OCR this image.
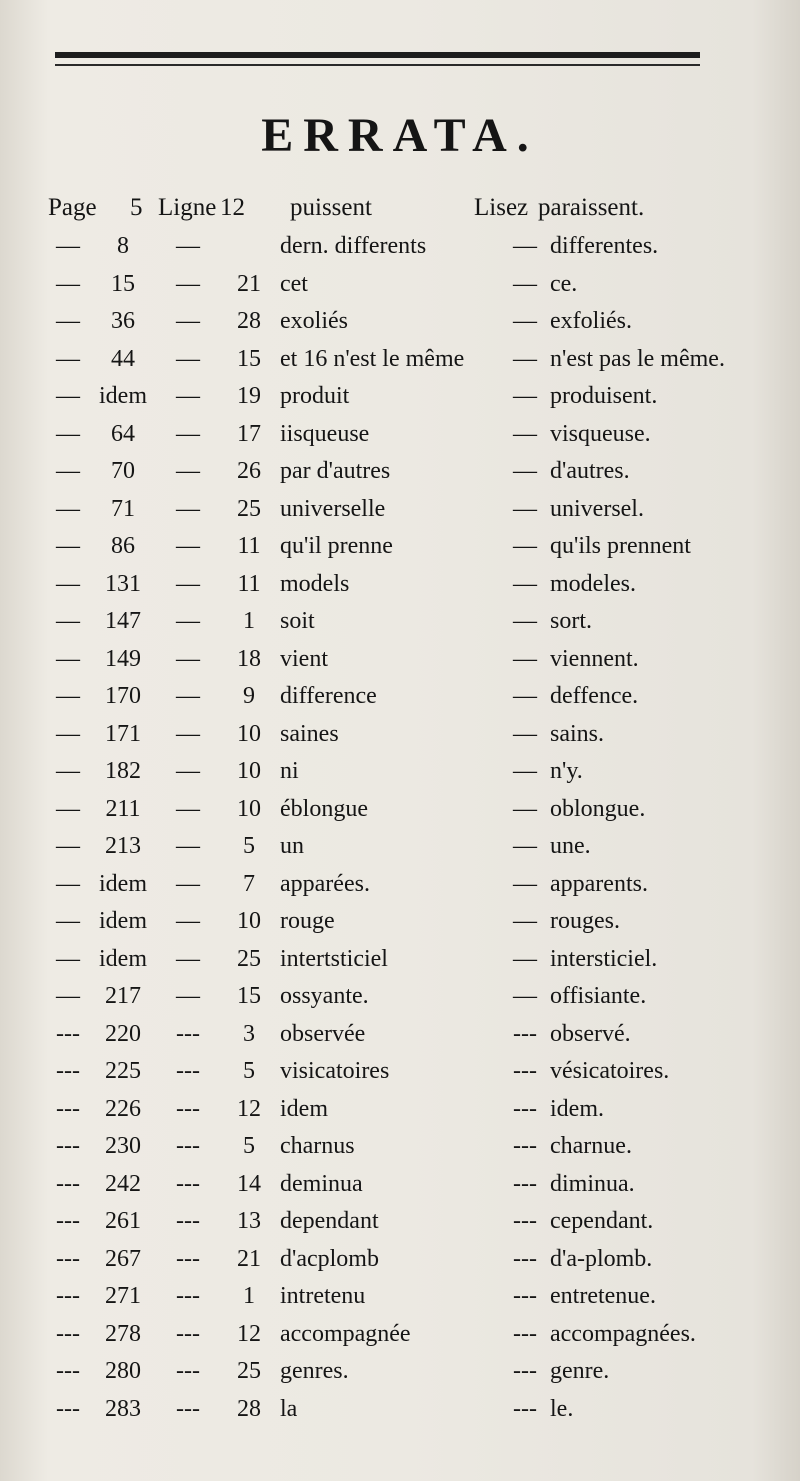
ERRATA.
Page 5 Ligne 12 puissent	Lisez paraissent.
—	8	—		dern. differents	—	differentes.
—	15	—	21	cet	—	ce.
—	36	—	28	exoliés	—	exfoliés.
—	44	—	15	et 16 n'est le même	—	n'est pas le même.
—	idem	—	19	produit	—	produisent.
—	64	—	17	iisqueuse	—	visqueuse.
—	70	—	26	par d'autres	—	d'autres.
—	71	—	25	universelle	—	universel.
—	86	—	11	qu'il prenne	—	qu'ils prennent
—	131	—	11	models	—	modeles.
—	147	—	1	soit	—	sort.
—	149	—	18	vient	—	viennent.
—	170	—	9	difference	—	deffence.
—	171	—	10	saines	—	sains.
—	182	—	10	ni	—	n'y.
—	211	—	10	éblongue	—	oblongue.
—	213	—	5	un	—	une.
—	idem	—	7	apparées.	—	apparents.
—	idem	—	10	rouge	—	rouges.
—	idem	—	25	intertsticiel	—	intersticiel.
—	217	—	15	ossyante.	—	offisiante.
---	220	---	3	observée	---	observé.
---	225	---	5	visicatoires	---	vésicatoires.
---	226	---	12	idem	---	idem.
---	230	---	5	charnus	---	charnue.
---	242	---	14	deminua	---	diminua.
---	261	---	13	dependant	---	cependant.
---	267	---	21	d'acplomb	---	d'a-plomb.
---	271	---	1	intretenu	---	entretenue.
---	278	---	12	accompagnée	---	accompagnées.
---	280	---	25	genres.	---	genre.
---	283	---	28	la	---	le.
